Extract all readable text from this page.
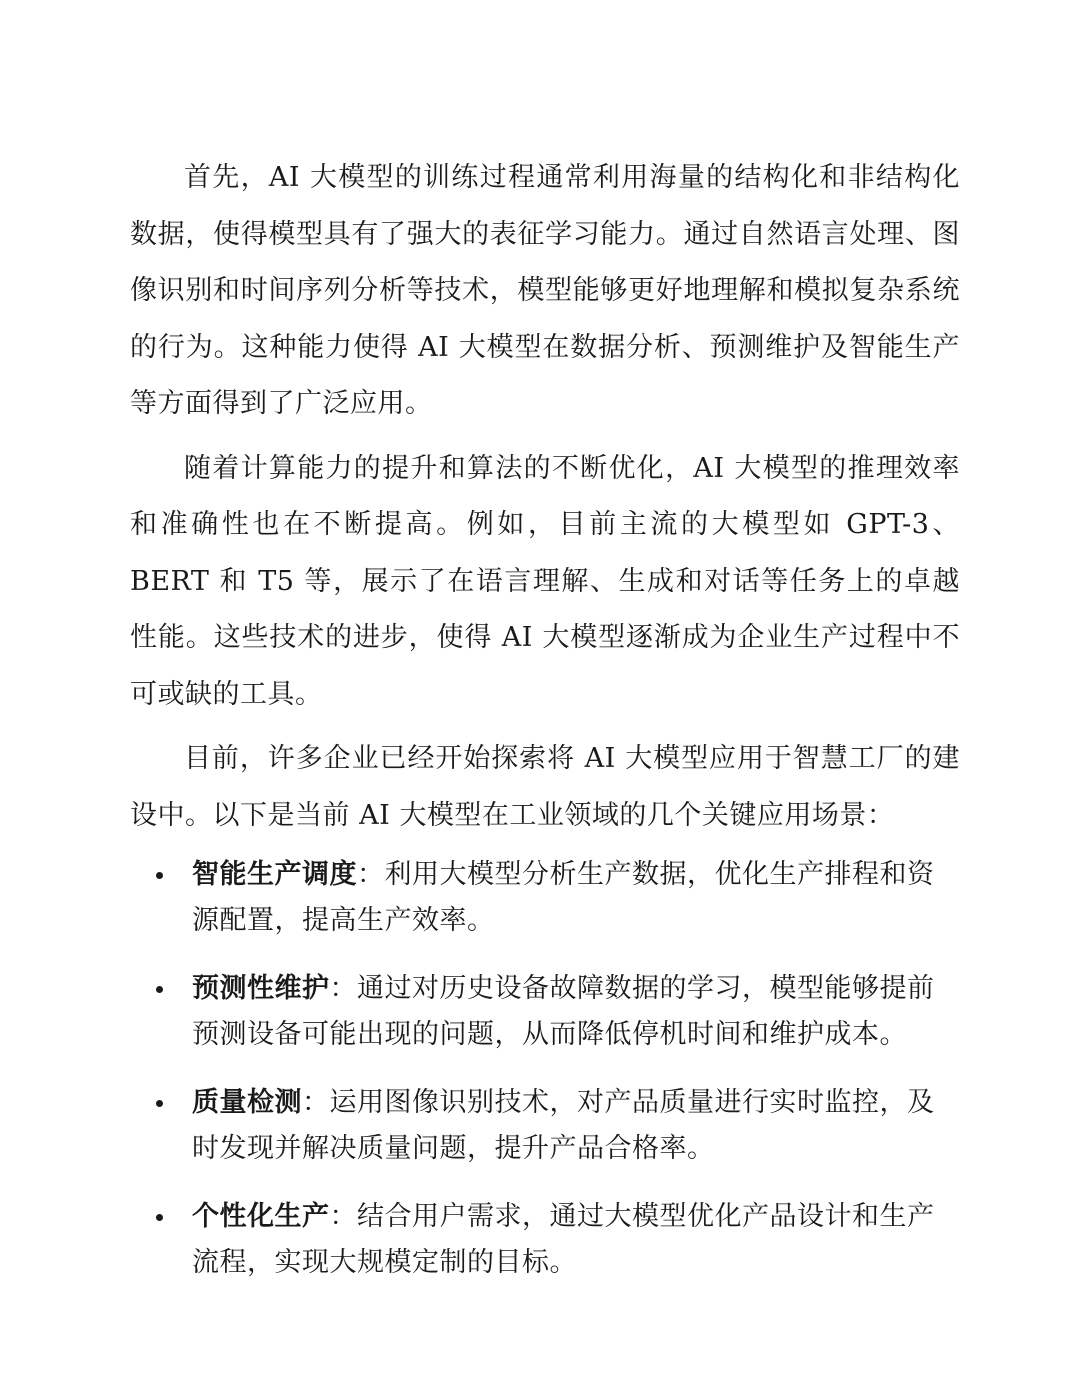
首先，AI 大模型的训练过程通常利用海量的结构化和非结构化数据，使得模型具有了强大的表征学习能力。通过自然语言处理、图像识别和时间序列分析等技术，模型能够更好地理解和模拟复杂系统的行为。这种能力使得 AI 大模型在数据分析、预测维护及智能生产等方面得到了广泛应用。

随着计算能力的提升和算法的不断优化，AI 大模型的推理效率和准确性也在不断提高。例如，目前主流的大模型如 GPT-3、BERT 和 T5 等，展示了在语言理解、生成和对话等任务上的卓越性能。这些技术的进步，使得 AI 大模型逐渐成为企业生产过程中不可或缺的工具。

目前，许多企业已经开始探索将 AI 大模型应用于智慧工厂的建设中。以下是当前 AI 大模型在工业领域的几个关键应用场景：

智能生产调度：利用大模型分析生产数据，优化生产排程和资源配置，提高生产效率。
预测性维护：通过对历史设备故障数据的学习，模型能够提前预测设备可能出现的问题，从而降低停机时间和维护成本。
质量检测：运用图像识别技术，对产品质量进行实时监控，及时发现并解决质量问题，提升产品合格率。
个性化生产：结合用户需求，通过大模型优化产品设计和生产流程，实现大规模定制的目标。
